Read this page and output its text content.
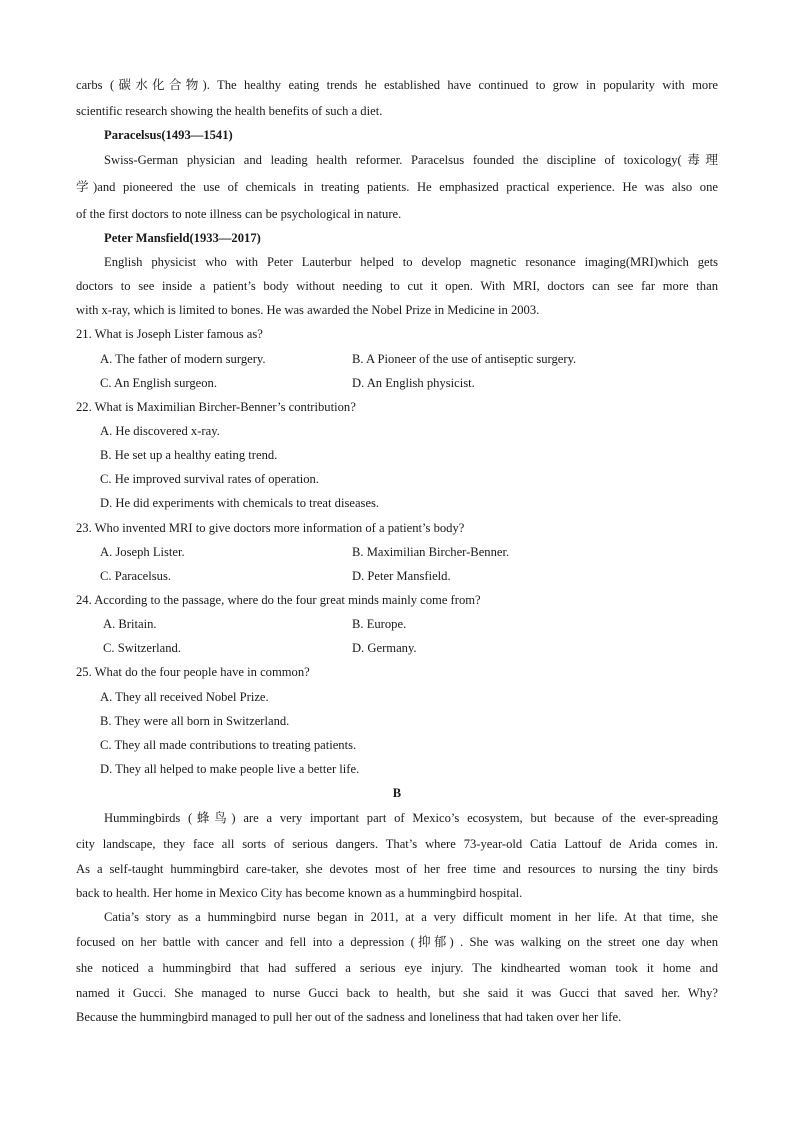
carbs (碳水化合物). The healthy eating trends he established have continued to grow in popularity with more
scientific research showing the health benefits of such a diet.
Paracelsus(1493—1541)
Swiss-German physician and leading health reformer. Paracelsus founded the discipline of toxicology(毒理
学)and pioneered the use of chemicals in treating patients. He emphasized practical experience. He was also one
of the first doctors to note illness can be psychological in nature.
Peter Mansfield(1933—2017)
English physicist who with Peter Lauterbur helped to develop magnetic resonance imaging(MRI)which gets
doctors to see inside a patient’s body without needing to cut it open. With MRI, doctors can see far more than
with x-ray, which is limited to bones. He was awarded the Nobel Prize in Medicine in 2003.
21. What is Joseph Lister famous as?
A. The father of modern surgery.	B. A Pioneer of the use of antiseptic surgery.
C. An English surgeon.	D. An English physicist.
22. What is Maximilian Bircher-Benner’s contribution?
A. He discovered x-ray.
B. He set up a healthy eating trend.
C. He improved survival rates of operation.
D. He did experiments with chemicals to treat diseases.
23. Who invented MRI to give doctors more information of a patient’s body?
A. Joseph Lister.	B. Maximilian Bircher-Benner.
C. Paracelsus.	D. Peter Mansfield.
24. According to the passage, where do the four great minds mainly come from?
A. Britain.	B. Europe.
C. Switzerland.	D. Germany.
25. What do the four people have in common?
A. They all received Nobel Prize.
B. They were all born in Switzerland.
C. They all made contributions to treating patients.
D. They all helped to make people live a better life.
B
Hummingbirds (蜂鸟) are a very important part of Mexico’s ecosystem, but because of the ever-spreading
city landscape, they face all sorts of serious dangers. That’s where 73-year-old Catia Lattouf de Arida comes in.
As a self-taught hummingbird care-taker, she devotes most of her free time and resources to nursing the tiny birds
back to health. Her home in Mexico City has become known as a hummingbird hospital.
Catia’s story as a hummingbird nurse began in 2011, at a very difficult moment in her life. At that time, she
focused on her battle with cancer and fell into a depression (抑郁) . She was walking on the street one day when
she noticed a hummingbird that had suffered a serious eye injury. The kindhearted woman took it home and
named it Gucci. She managed to nurse Gucci back to health, but she said it was Gucci that saved her. Why?
Because the hummingbird managed to pull her out of the sadness and loneliness that had taken over her life.
